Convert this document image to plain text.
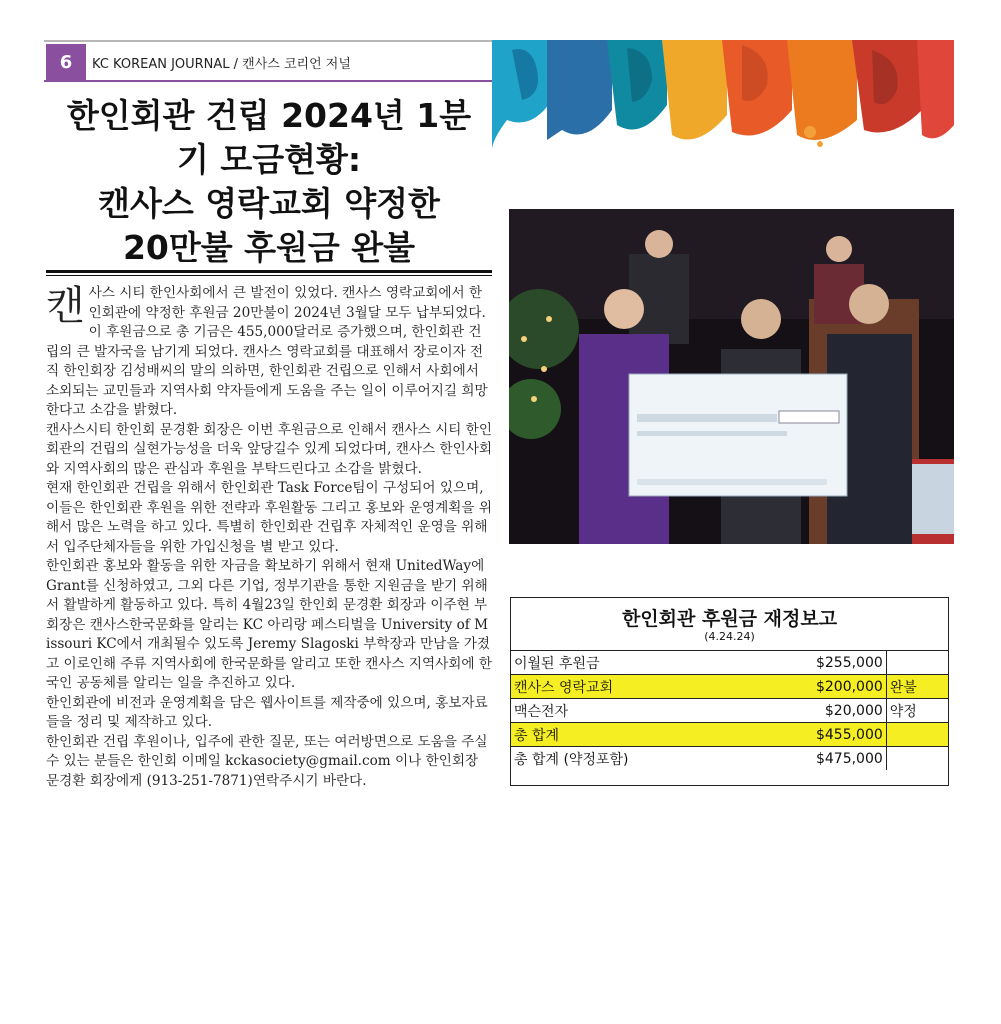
6	KC KOREAN JOURNAL / 캔사스 코리언 저널
한인회관 건립 2024년 1분
기 모금현황:
캔사스 영락교회 약정한
20만불 후원금 완불
캔 사스 시티 한인사회에서 큰 발전이 있었다. 캔사스 영락교회에서 한인회관에 약정한 후원금 20만불이 2024년 3월달 모두 납부되었다. 이 후원금으로 총 기금은 455,000달러로 증가했으며, 한인회관 건립의 큰 발자국을 남기게 되었다. 캔사스 영락교회를 대표해서 장로이자 전직 한인회장 김성배씨의 말의 의하면, 한인회관 건립으로 인해서 사회에서 소외되는 교민들과 지역사회 약자들에게 도움을 주는 일이 이루어지길 희망한다고 소감을 밝혔다.

캔사스시티 한인회 문경환 회장은 이번 후원금으로 인해서 캔사스 시티 한인회관의 건립의 실현가능성을 더욱 앞당길수 있게 되었다며, 캔사스 한인사회와 지역사회의 많은 관심과 후원을 부탁드린다고 소감을 밝혔다.

현재 한인회관 건립을 위해서 한인회관 Task Force팀이 구성되어 있으며, 이들은 한인회관 후원을 위한 전략과 후원활동 그리고 홍보와 운영계획을 위해서 많은 노력을 하고 있다. 특별히 한인회관 건립후 자체적인 운영을 위해서 입주단체자들을 위한 가입신청을 별 받고 있다.

한인회관 홍보와 활동을 위한 자금을 확보하기 위해서 현재 UnitedWay에 Grant를 신청하였고, 그외 다른 기업, 정부기관을 통한 지원금을 받기 위해서 활발하게 활동하고 있다. 특히 4월23일 한인회 문경환 회장과 이주현 부회장은 캔사스한국문화를 알리는 KC 아리랑 페스티벌을 University of Missouri KC에서 개최될수 있도록 Jeremy Slagoski 부학장과 만남을 가졌고 이로인해 주류 지역사회에 한국문화를 알리고 또한 캔사스 지역사회에 한국인 공동체를 알리는 일을 추진하고 있다.

한인회관에 비전과 운영계획을 담은 웹사이트를 제작중에 있으며, 홍보자료들을 정리 및 제작하고 있다.

한인회관 건립 후원이나, 입주에 관한 질문, 또는 여러방면으로 도움을 주실수 있는 분들은 한인회 이메일 kckasociety@gmail.com 이나 한인회장 문경환 회장에게 (913-251-7871)연락주시기 바란다.

한인회관 후원금 재정보고
(4.24.24)
이월된 후원금	$255,000	
캔사스 영락교회	$200,000	완불
맥슨전자	$20,000	약정
총 합계	$455,000	
총 합계 (약정포함)	$475,000	
